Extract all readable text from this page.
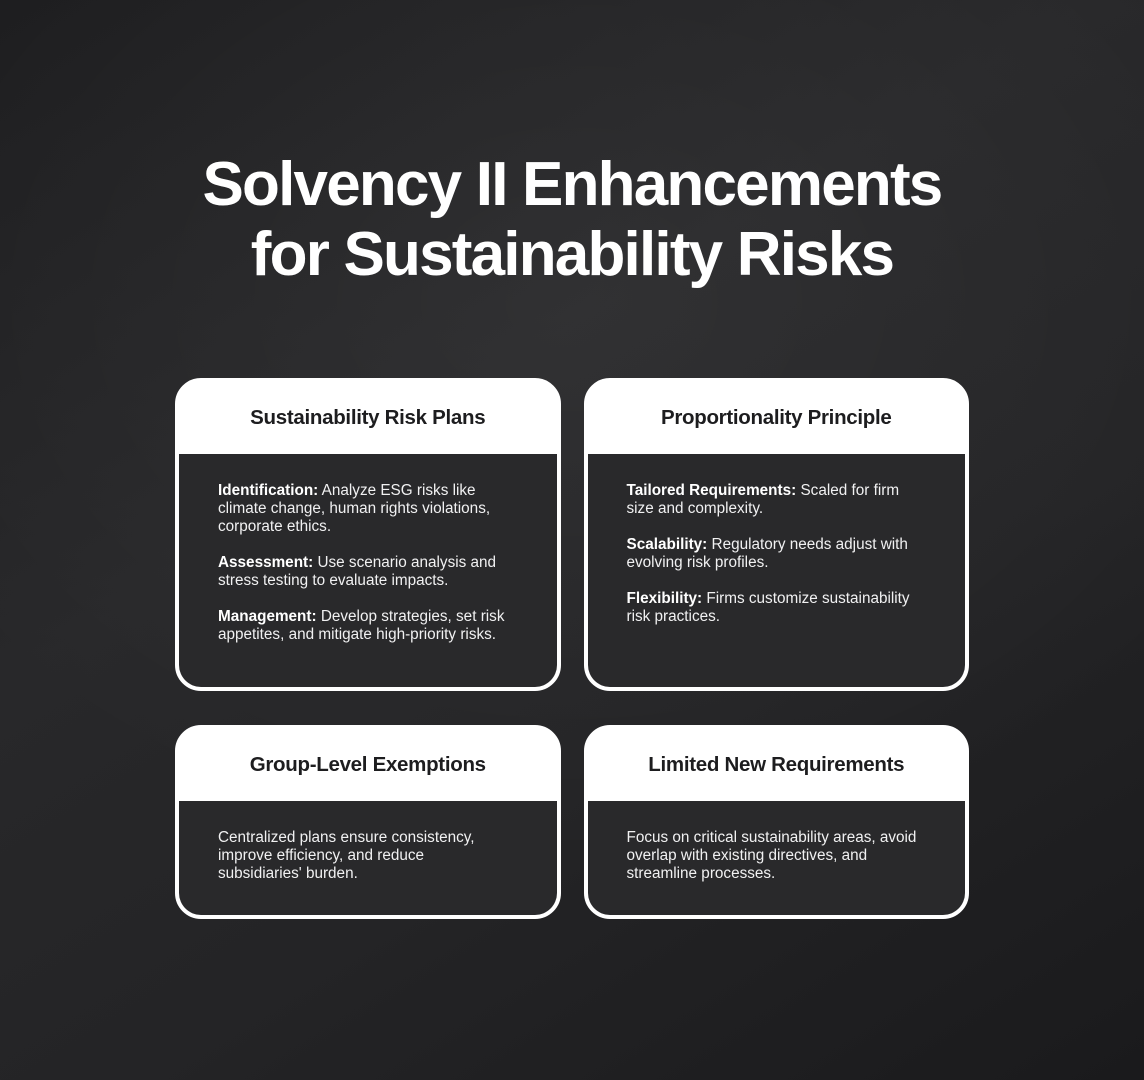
Solvency II Enhancements
for Sustainability Risks
Sustainability Risk Plans

Identification: Analyze ESG risks like climate change, human rights violations, corporate ethics.

Assessment: Use scenario analysis and stress testing to evaluate impacts.

Management: Develop strategies, set risk appetites, and mitigate high-priority risks.

Proportionality Principle

Tailored Requirements: Scaled for firm size and complexity.

Scalability: Regulatory needs adjust with evolving risk profiles.

Flexibility: Firms customize sustainability risk practices.

Group-Level Exemptions

Centralized plans ensure consistency, improve efficiency, and reduce subsidiaries' burden.

Limited New Requirements

Focus on critical sustainability areas, avoid overlap with existing directives, and streamline processes.
